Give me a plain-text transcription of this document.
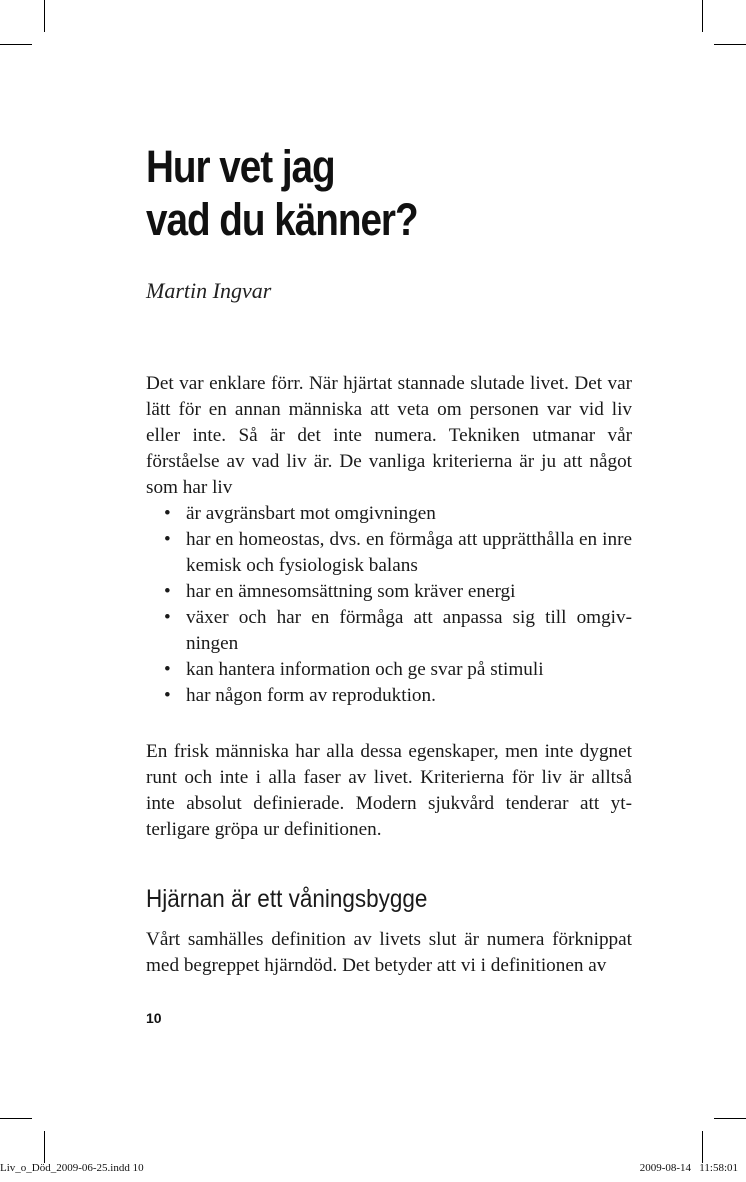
Hur vet jag
vad du känner?
Martin Ingvar

Det var enklare förr. När hjärtat stannade slutade livet. Det var lätt för en annan människa att veta om personen var vid liv eller inte. Så är det inte numera. Tekniken utmanar vår förståelse av vad liv är. De vanliga kriterierna är ju att något som har liv

• är avgränsbart mot omgivningen
• har en homeostas, dvs. en förmåga att upprätthålla en inre kemisk och fysiologisk balans
• har en ämnesomsättning som kräver energi
• växer och har en förmåga att anpassa sig till omgiv-ningen
• kan hantera information och ge svar på stimuli
• har någon form av reproduktion.

En frisk människa har alla dessa egenskaper, men inte dygnet runt och inte i alla faser av livet. Kriterierna för liv är alltså inte absolut definierade. Modern sjukvård tenderar att yt-terligare gröpa ur definitionen.

Hjärnan är ett våningsbygge

Vårt samhälles definition av livets slut är numera förknippat med begreppet hjärndöd. Det betyder att vi i definitionen av

10
Liv_o_Död_2009-06-25.indd 10	2009-08-14   11:58:01
